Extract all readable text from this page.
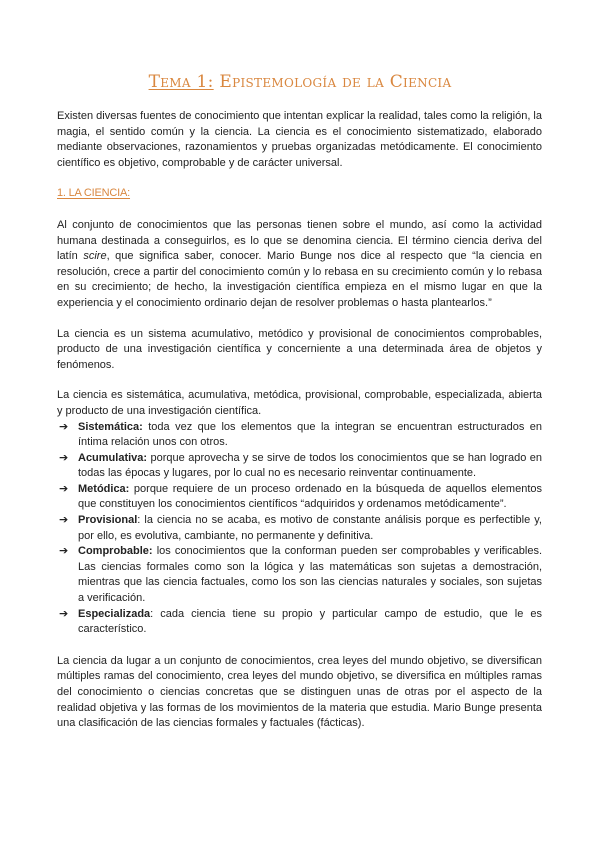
Tema 1: Epistemología de la Ciencia

Existen diversas fuentes de conocimiento que intentan explicar la realidad, tales como la religión, la magia, el sentido común y la ciencia. La ciencia es el conocimiento sistematizado, elaborado mediante observaciones, razonamientos y pruebas organizadas metódicamente. El conocimiento científico es objetivo, comprobable y de carácter universal.

1. LA CIENCIA:

Al conjunto de conocimientos que las personas tienen sobre el mundo, así como la actividad humana destinada a conseguirlos, es lo que se denomina ciencia. El término ciencia deriva del latín scire, que significa saber, conocer. Mario Bunge nos dice al respecto que “la ciencia en resolución, crece a partir del conocimiento común y lo rebasa en su crecimiento común y lo rebasa en su crecimiento; de hecho, la investigación científica empieza en el mismo lugar en que la experiencia y el conocimiento ordinario dejan de resolver problemas o hasta plantearlos.”

La ciencia es un sistema acumulativo, metódico y provisional de conocimientos comprobables, producto de una investigación científica y concerniente a una determinada área de objetos y fenómenos.

La ciencia es sistemática, acumulativa, metódica, provisional, comprobable, especializada, abierta y producto de una investigación científica.

➔ Sistemática: toda vez que los elementos que la integran se encuentran estructurados en íntima relación unos con otros.
➔ Acumulativa: porque aprovecha y se sirve de todos los conocimientos que se han logrado en todas las épocas y lugares, por lo cual no es necesario reinventar continuamente.
➔ Metódica: porque requiere de un proceso ordenado en la búsqueda de aquellos elementos que constituyen los conocimientos científicos “adquiridos y ordenamos metódicamente”.
➔ Provisional: la ciencia no se acaba, es motivo de constante análisis porque es perfectible y, por ello, es evolutiva, cambiante, no permanente y definitiva.
➔ Comprobable: los conocimientos que la conforman pueden ser comprobables y verificables. Las ciencias formales como son la lógica y las matemáticas son sujetas a demostración, mientras que las ciencia factuales, como los son las ciencias naturales y sociales, son sujetas a verificación.
➔ Especializada: cada ciencia tiene su propio y particular campo de estudio, que le es característico.

La ciencia da lugar a un conjunto de conocimientos, crea leyes del mundo objetivo, se diversifican múltiples ramas del conocimiento, crea leyes del mundo objetivo, se diversifica en múltiples ramas del conocimiento o ciencias concretas que se distinguen unas de otras por el aspecto de la realidad objetiva y las formas de los movimientos de la materia que estudia. Mario Bunge presenta una clasificación de las ciencias formales y factuales (fácticas).
